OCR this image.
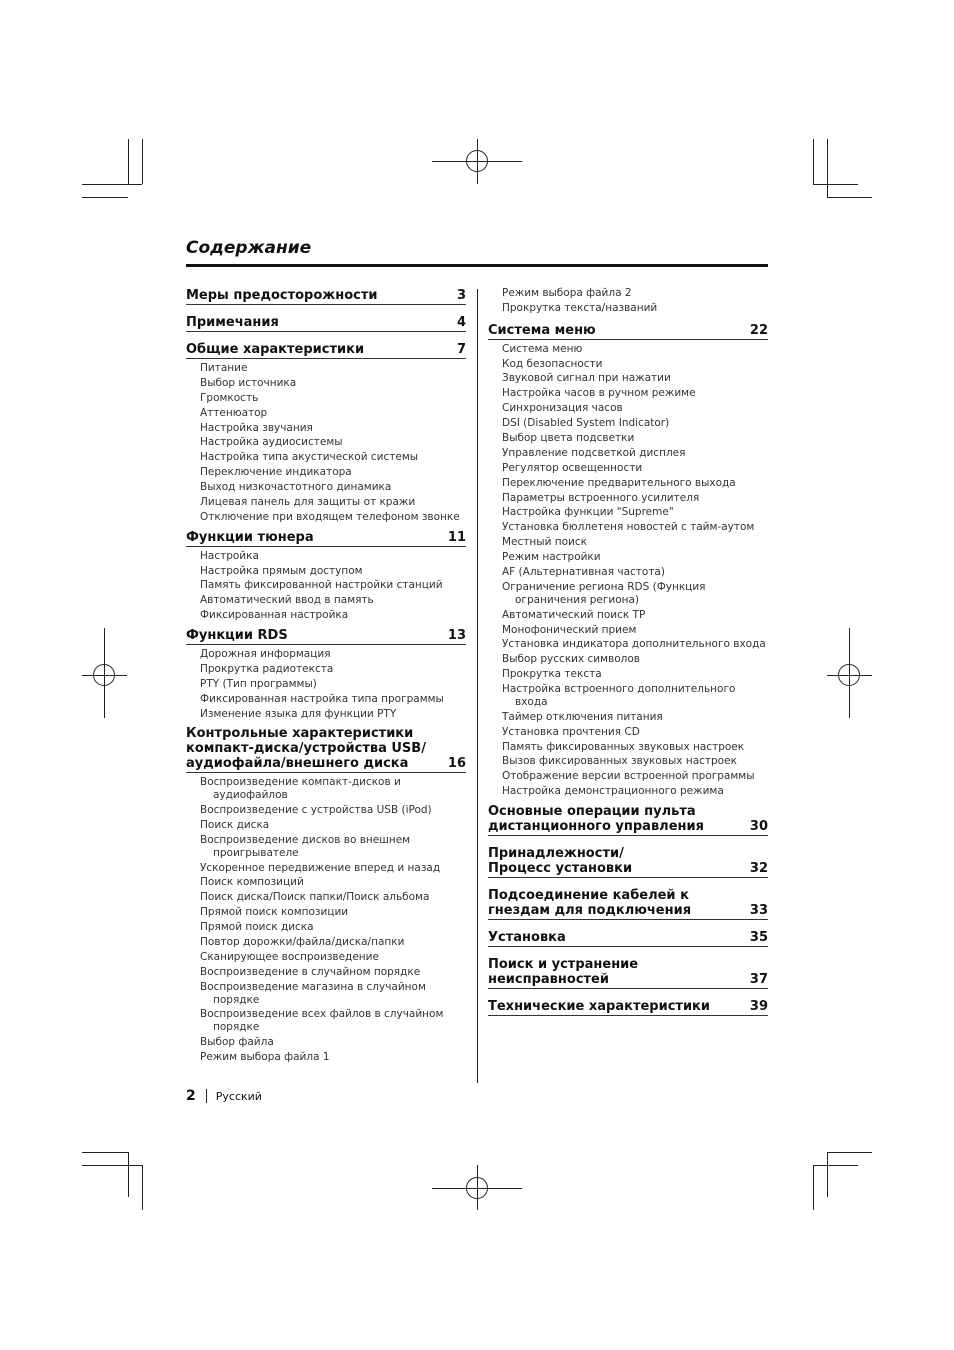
Содержание
Меры предосторожности	3
Примечания	4
Общие характеристики	7
Питание
Выбор источника
Громкость
Аттенюатор
Настройка звучания
Настройка аудиосистемы
Настройка типа акустической системы
Переключение индикатора
Выход низкочастотного динамика
Лицевая панель для защиты от кражи
Отключение при входящем телефоном звонке
Функции тюнера	11
Настройка
Настройка прямым доступом
Память фиксированной настройки станций
Автоматический ввод в память
Фиксированная настройка
Функции RDS	13
Дорожная информация
Прокрутка радиотекста
PTY (Тип программы)
Фиксированная настройка типа программы
Изменение языка для функции PTY
Контрольные характеристики
компакт-диска/устройства USB/
аудиофайла/внешнего диска	16
Воспроизведение компакт-дисков и аудиофайлов
Воспроизведение с устройства USB (iPod)
Поиск диска
Воспроизведение дисков во внешнем проигрывателе
Ускоренное передвижение вперед и назад
Поиск композиций
Поиск диска/Поиск папки/Поиск альбома
Прямой поиск композиции
Прямой поиск диска
Повтор дорожки/файла/диска/папки
Сканирующее воспроизведение
Воспроизведение в случайном порядке
Воспроизведение магазина в случайном порядке
Воспроизведение всех файлов в случайном порядке
Выбор файла
Режим выбора файла 1
Режим выбора файла 2
Прокрутка текста/названий
Система меню	22
Система меню
Код безопасности
Звуковой сигнал при нажатии
Настройка часов в ручном режиме
Синхронизация часов
DSI (Disabled System Indicator)
Выбор цвета подсветки
Управление подсветкой дисплея
Регулятор освещенности
Переключение предварительного выхода
Параметры встроенного усилителя
Настройка функции "Supreme"
Установка бюллетеня новостей с тайм-аутом
Местный поиск
Режим настройки
AF (Альтернативная частота)
Ограничение региона RDS (Функция ограничения региона)
Автоматический поиск TP
Монофонический прием
Установка индикатора дополнительного входа
Выбор русских символов
Прокрутка текста
Настройка встроенного дополнительного входа
Таймер отключения питания
Установка прочтения CD
Память фиксированных звуковых настроек
Вызов фиксированных звуковых настроек
Отображение версии встроенной программы
Настройка демонстрационного режима
Основные операции пульта
дистанционного управления	30
Принадлежности/
Процесс установки	32
Подсоединение кабелей к
гнездам для подключения	33
Установка	35
Поиск и устранение
неисправностей	37
Технические характеристики	39
2 Русский
